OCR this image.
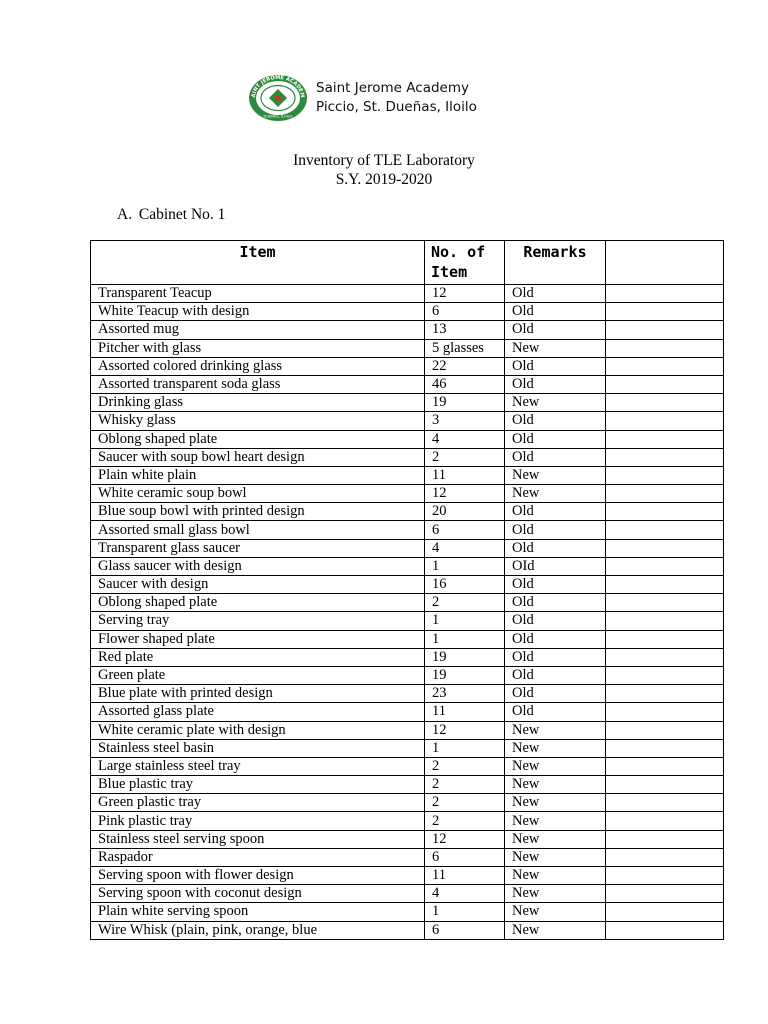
AINT JEROME ACADEM
DUEÑAS, ILOILO
Saint Jerome Academy
Piccio, St. Dueñas, Iloilo
Inventory of TLE Laboratory
S.Y. 2019-2020
A. Cabinet No. 1
Item	No. of Item	Remarks	
Transparent Teacup	12	Old	
White Teacup with design	6	Old	
Assorted mug	13	Old	
Pitcher with glass	5 glasses	New	
Assorted colored drinking glass	22	Old	
Assorted transparent soda glass	46	Old	
Drinking glass	19	New	
Whisky glass	3	Old	
Oblong shaped plate	4	Old	
Saucer with soup bowl heart design	2	Old	
Plain white plain	11	New	
White ceramic soup bowl	12	New	
Blue soup bowl with printed design	20	Old	
Assorted small glass bowl	6	Old	
Transparent glass saucer	4	Old	
Glass saucer with design	1	OId	
Saucer with design	16	Old	
Oblong shaped plate	2	Old	
Serving tray	1	Old	
Flower shaped plate	1	Old	
Red plate	19	Old	
Green plate	19	Old	
Blue plate with printed design	23	Old	
Assorted glass plate	11	Old	
White ceramic plate with design	12	New	
Stainless steel basin	1	New	
Large stainless steel tray	2	New	
Blue plastic tray	2	New	
Green plastic tray	2	New	
Pink plastic tray	2	New	
Stainless steel serving spoon	12	New	
Raspador	6	New	
Serving spoon with flower design	11	New	
Serving spoon with coconut design	4	New	
Plain white serving spoon	1	New	
Wire Whisk (plain, pink, orange, blue	6	New	
